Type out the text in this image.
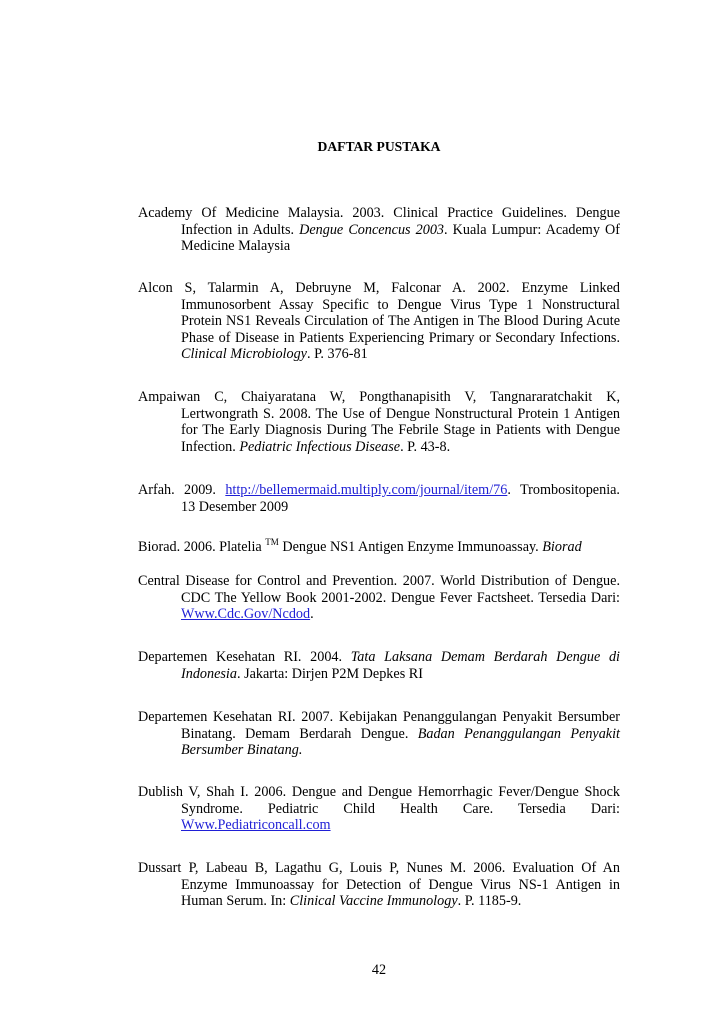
DAFTAR PUSTAKA
Academy Of Medicine Malaysia. 2003. Clinical Practice Guidelines. Dengue Infection in Adults. Dengue Concencus 2003. Kuala Lumpur: Academy Of Medicine Malaysia
Alcon S, Talarmin A, Debruyne M, Falconar A. 2002. Enzyme Linked Immunosorbent Assay Specific to Dengue Virus Type 1 Nonstructural Protein NS1 Reveals Circulation of The Antigen in The Blood During Acute Phase of Disease in Patients Experiencing Primary or Secondary Infections. Clinical Microbiology. P. 376-81
Ampaiwan C, Chaiyaratana W, Pongthanapisith V, Tangnararatchakit K, Lertwongrath S. 2008. The Use of Dengue Nonstructural Protein 1 Antigen for The Early Diagnosis During The Febrile Stage in Patients with Dengue Infection. Pediatric Infectious Disease. P. 43-8.
Arfah. 2009. http://bellemermaid.multiply.com/journal/item/76. Trombositopenia. 13 Desember 2009
Biorad. 2006. Platelia ™ Dengue NS1 Antigen Enzyme Immunoassay. Biorad
Central Disease for Control and Prevention. 2007. World Distribution of Dengue. CDC The Yellow Book 2001-2002. Dengue Fever Factsheet. Tersedia Dari: Www.Cdc.Gov/Ncdod.
Departemen Kesehatan RI. 2004. Tata Laksana Demam Berdarah Dengue di Indonesia. Jakarta: Dirjen P2M Depkes RI
Departemen Kesehatan RI. 2007. Kebijakan Penanggulangan Penyakit Bersumber Binatang. Demam Berdarah Dengue. Badan Penanggulangan Penyakit Bersumber Binatang.
Dublish V, Shah I. 2006. Dengue and Dengue Hemorrhagic Fever/Dengue Shock Syndrome. Pediatric Child Health Care. Tersedia Dari: Www.Pediatriconcall.com
Dussart P, Labeau B, Lagathu G, Louis P, Nunes M. 2006. Evaluation Of An Enzyme Immunoassay for Detection of Dengue Virus NS-1 Antigen in Human Serum. In: Clinical Vaccine Immunology. P. 1185-9.
42
